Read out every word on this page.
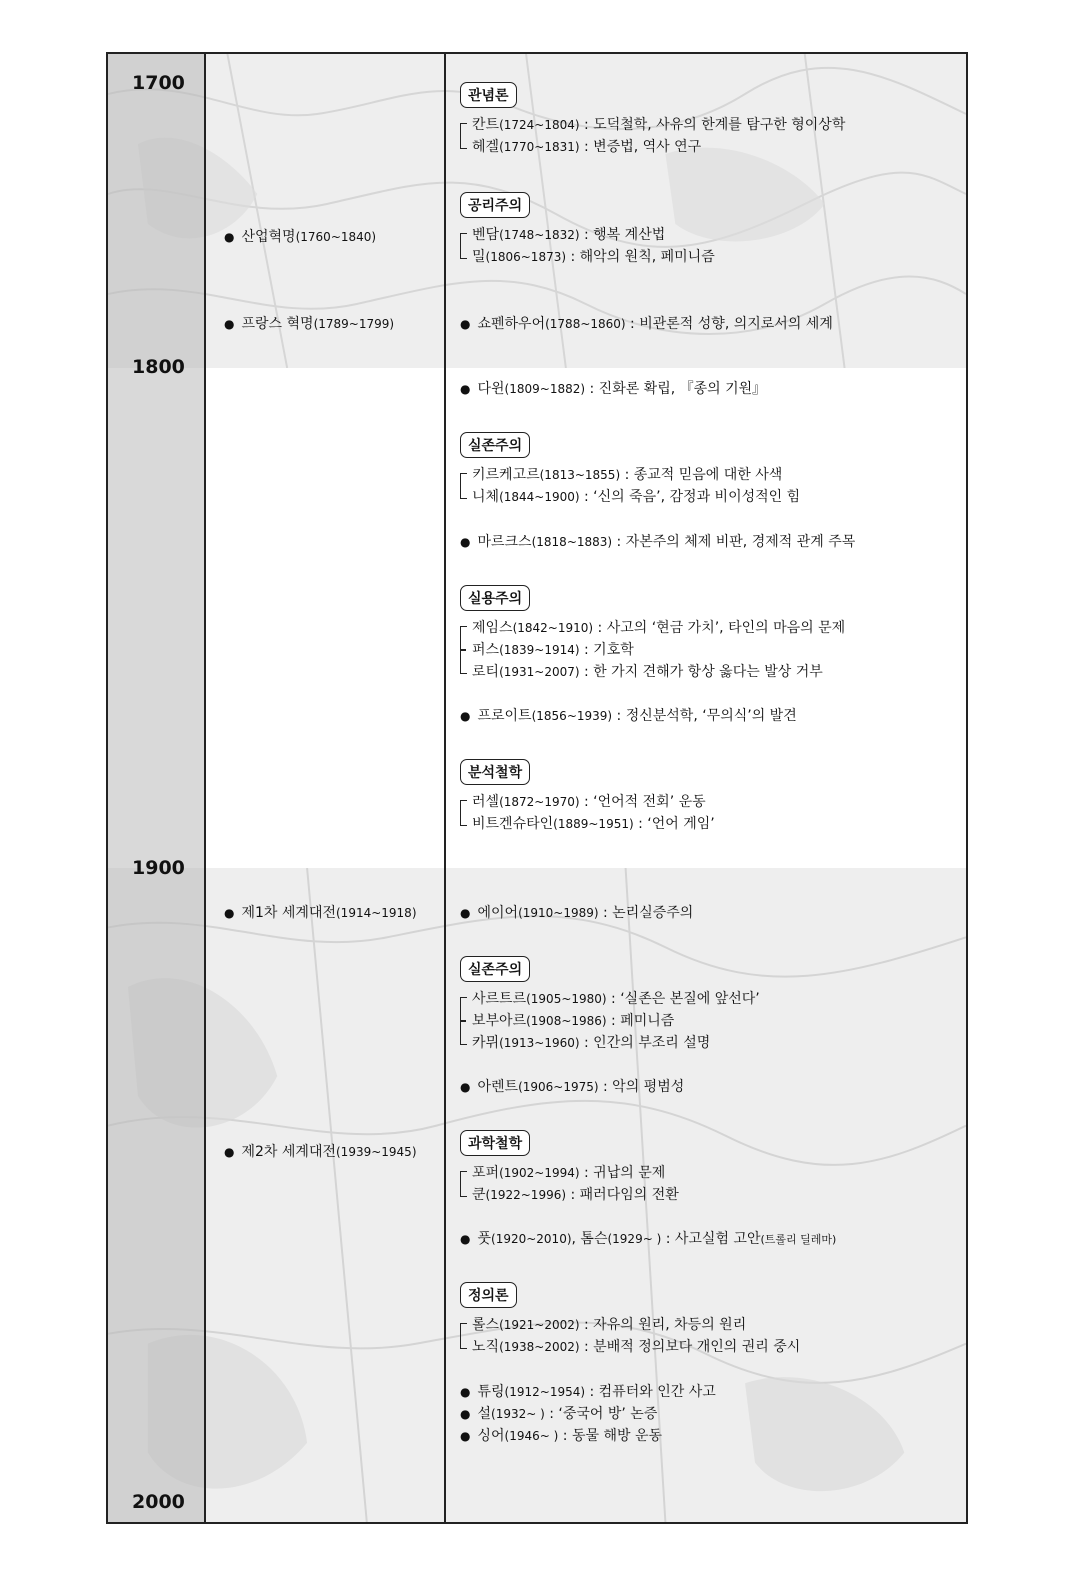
1700
1800
1900
2000
● 산업혁명(1760~1840)
● 프랑스 혁명(1789~1799)
● 제1차 세계대전(1914~1918)
● 제2차 세계대전(1939~1945)
관념론
칸트(1724~1804) : 도덕철학, 사유의 한계를 탐구한 형이상학
헤겔(1770~1831) : 변증법, 역사 연구
공리주의
벤담(1748~1832) : 행복 계산법
밀(1806~1873) : 해악의 원칙, 페미니즘
● 쇼펜하우어(1788~1860) : 비관론적 성향, 의지로서의 세계
● 다윈(1809~1882) : 진화론 확립, 『종의 기원』
실존주의
키르케고르(1813~1855) : 종교적 믿음에 대한 사색
니체(1844~1900) : ‘신의 죽음’, 감정과 비이성적인 힘
● 마르크스(1818~1883) : 자본주의 체제 비판, 경제적 관계 주목
실용주의
제임스(1842~1910) : 사고의 ‘현금 가치’, 타인의 마음의 문제
퍼스(1839~1914) : 기호학
로티(1931~2007) : 한 가지 견해가 항상 옳다는 발상 거부
● 프로이트(1856~1939) : 정신분석학, ‘무의식’의 발견
분석철학
러셀(1872~1970) : ‘언어적 전회’ 운동
비트겐슈타인(1889~1951) : ‘언어 게임’
● 에이어(1910~1989) : 논리실증주의
실존주의
사르트르(1905~1980) : ‘실존은 본질에 앞선다’
보부아르(1908~1986) : 페미니즘
카뮈(1913~1960) : 인간의 부조리 설명
● 아렌트(1906~1975) : 악의 평범성
과학철학
포퍼(1902~1994) : 귀납의 문제
쿤(1922~1996) : 패러다임의 전환
● 풋(1920~2010), 톰슨(1929~ ) : 사고실험 고안(트롤리 딜레마)
정의론
롤스(1921~2002) : 자유의 원리, 차등의 원리
노직(1938~2002) : 분배적 정의보다 개인의 권리 중시
● 튜링(1912~1954) : 컴퓨터와 인간 사고
● 설(1932~ ) : ‘중국어 방’ 논증
● 싱어(1946~ ) : 동물 해방 운동
